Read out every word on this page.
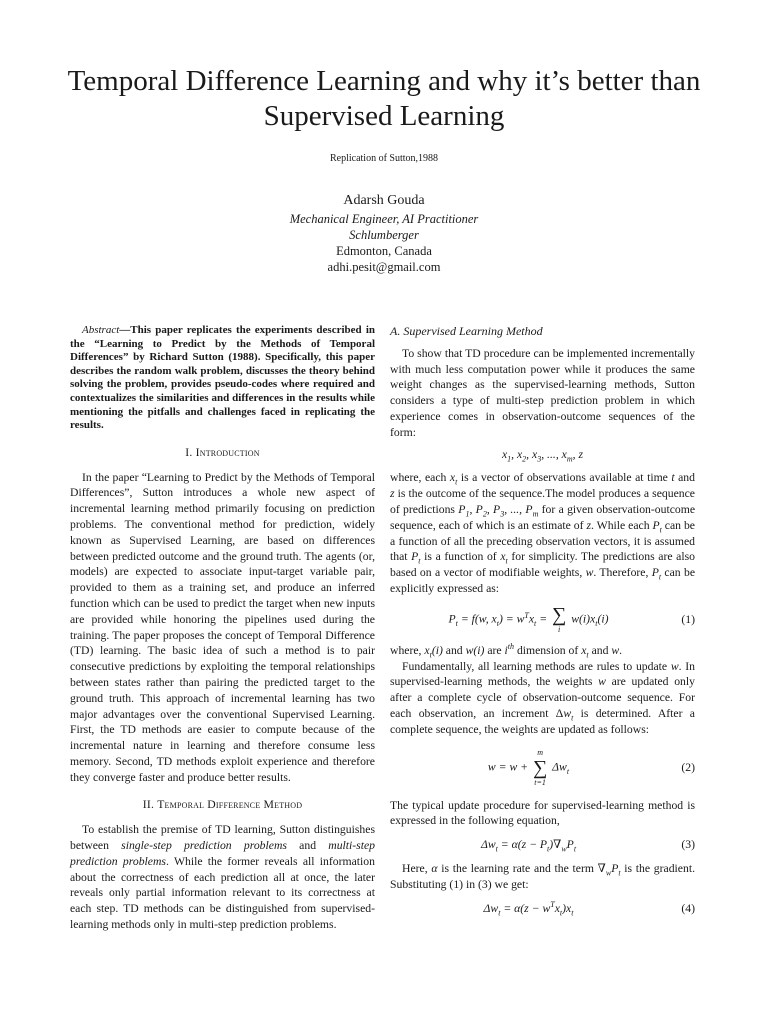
Temporal Difference Learning and why it’s better than Supervised Learning
Replication of Sutton,1988
Adarsh Gouda
Mechanical Engineer, AI Practitioner
Schlumberger
Edmonton, Canada
adhi.pesit@gmail.com

Abstract—This paper replicates the experiments described in the “Learning to Predict by the Methods of Temporal Differences” by Richard Sutton (1988). Specifically, this paper describes the random walk problem, discusses the theory behind solving the problem, provides pseudo-codes where required and contextualizes the similarities and differences in the results while mentioning the pitfalls and challenges faced in replicating the results.

I. Introduction

In the paper “Learning to Predict by the Methods of Temporal Differences”, Sutton introduces a whole new aspect of incremental learning method primarily focusing on prediction problems. The conventional method for prediction, widely known as Supervised Learning, are based on differences between predicted outcome and the ground truth. The agents (or, models) are expected to associate input-target variable pair, provided to them as a training set, and produce an inferred function which can be used to predict the target when new inputs are provided while honoring the pipelines used during the training. The paper proposes the concept of Temporal Difference (TD) learning. The basic idea of such a method is to pair consecutive predictions by exploiting the temporal relationships between states rather than pairing the predicted target to the ground truth. This approach of incremental learning has two major advantages over the conventional Supervised Learning. First, the TD methods are easier to compute because of the incremental nature in learning and therefore consume less memory. Second, TD methods exploit experience and therefore they converge faster and produce better results.

II. Temporal Difference Method

To establish the premise of TD learning, Sutton distinguishes between single-step prediction problems and multi-step prediction problems. While the former reveals all information about the correctness of each prediction all at once, the later reveals only partial information relevant to its correctness at each step. TD methods can be distinguished from supervised-learning methods only in multi-step prediction problems.

A. Supervised Learning Method

To show that TD procedure can be implemented incrementally with much less computation power while it produces the same weight changes as the supervised-learning methods, Sutton considers a type of multi-step prediction problem in which experience comes in observation-outcome sequences of the form:

$x_1$, $x_2$, $x_3$, ..., $x_m$, z

where, each $x_t$ is a vector of observations available at time t and z is the outcome of the sequence.The model produces a sequence of predictions $P_1$, $P_2$, $P_3$, ..., $P_m$ for a given observation-outcome sequence, each of which is an estimate of z. While each $P_t$ can be a function of all the preceding observation vectors, it is assumed that $P_t$ is a function of $x_t$ for simplicity. The predictions are also based on a vector of modifiable weights, w. Therefore, $P_t$ can be explicitly expressed as:

$P_t = f(w$, $x_t) = w^Tx_t$ = ∑
i
$w(i)x_t(i)$	(1)

where, $x_t(i)$ and w(i) are $i^{th}$ dimension of $x_t$ and w.

Fundamentally, all learning methods are rules to update w. In supervised-learning methods, the weights w are updated only after a complete cycle of observation-outcome sequence. For each observation, an increment $\Delta w_t$ is determined. After a complete sequence, the weights are updated as follows:

w = w +
m
∑
t=1
$\Delta w_t$	(2)

The typical update procedure for supervised-learning method is expressed in the following equation,

$\Delta w_t = \alpha(z - P_t)\nabla_wP_t$	(3)

Here, α is the learning rate and the term $\nabla_wP_t$ is the gradient. Substituting (1) in (3) we get:

$\Delta w_t = \alpha(z - w^Tx_t)x_t$	(4)
